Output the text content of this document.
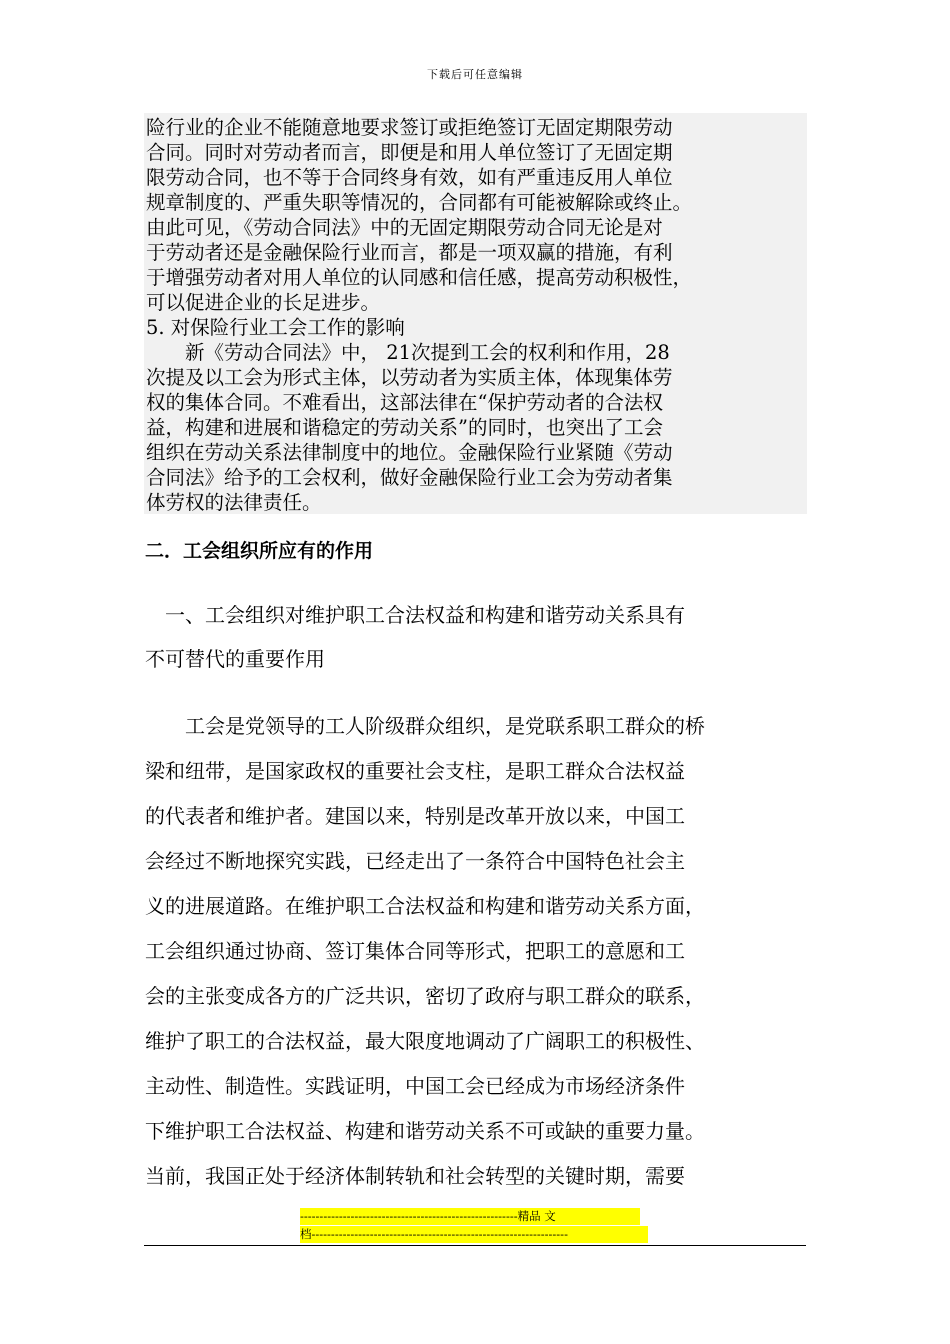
下载后可任意编辑
险行业的企业不能随意地要求签订或拒绝签订无固定期限劳动
合同。同时对劳动者而言，即便是和用人单位签订了无固定期
限劳动合同，也不等于合同终身有效，如有严重违反用人单位
规章制度的、严重失职等情况的，合同都有可能被解除或终止。
由此可见，《劳动合同法》中的无固定期限劳动合同无论是对
于劳动者还是金融保险行业而言，都是一项双赢的措施，有利
于增强劳动者对用人单位的认同感和信任感，提高劳动积极性，
可以促进企业的长足进步。
5. 对保险行业工会工作的影响
　　新《劳动合同法》中， 21次提到工会的权利和作用，28
次提及以工会为形式主体，以劳动者为实质主体，体现集体劳
权的集体合同。不难看出，这部法律在“保护劳动者的合法权
益，构建和进展和谐稳定的劳动关系”的同时，也突出了工会
组织在劳动关系法律制度中的地位。金融保险行业紧随《劳动
合同法》给予的工会权利，做好金融保险行业工会为劳动者集
体劳权的法律责任。
二．工会组织所应有的作用
　一、工会组织对维护职工合法权益和构建和谐劳动关系具有
不可替代的重要作用
　　工会是党领导的工人阶级群众组织，是党联系职工群众的桥
梁和纽带，是国家政权的重要社会支柱，是职工群众合法权益
的代表者和维护者。建国以来，特别是改革开放以来，中国工
会经过不断地探究实践，已经走出了一条符合中国特色社会主
义的进展道路。在维护职工合法权益和构建和谐劳动关系方面，
工会组织通过协商、签订集体合同等形式，把职工的意愿和工
会的主张变成各方的广泛共识，密切了政府与职工群众的联系，
维护了职工的合法权益，最大限度地调动了广阔职工的积极性、
主动性、制造性。实践证明，中国工会已经成为市场经济条件
下维护职工合法权益、构建和谐劳动关系不可或缺的重要力量。
当前，我国正处于经济体制转轨和社会转型的关键时期，需要
--------------------------------------------------------精品 文
档------------------------------------------------------------------
